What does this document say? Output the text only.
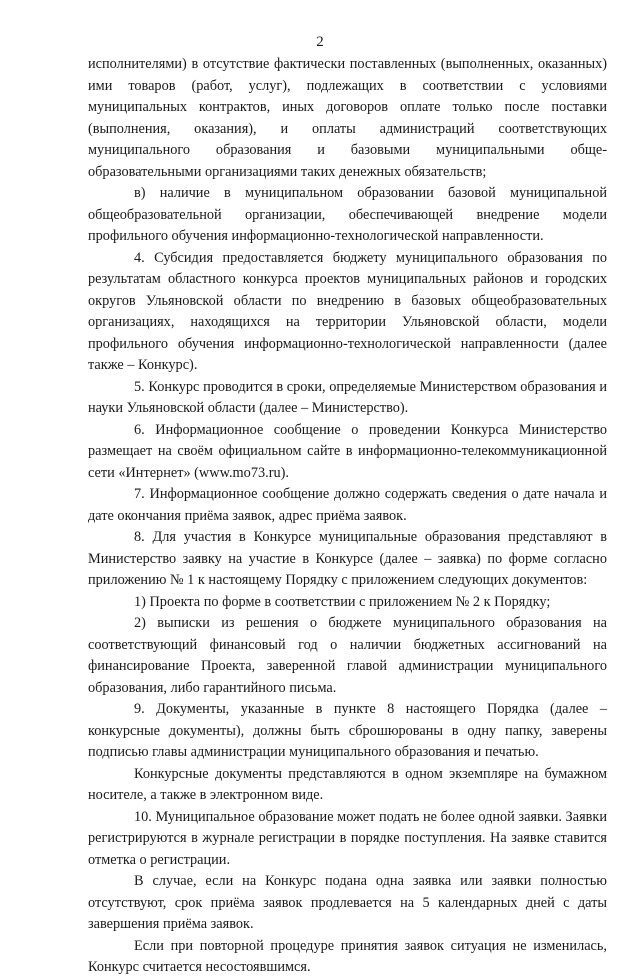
2

исполнителями) в отсутствие фактически поставленных (выполненных, оказанных) ими товаров (работ, услуг), подлежащих в соответствии с условиями муниципальных контрактов, иных договоров оплате только после поставки (выполнения, оказания), и оплаты администраций соответствующих муниципального образования и базовыми муниципальными обще-образовательными организациями таких денежных обязательств;

в) наличие в муниципальном образовании базовой муниципальной общеобразовательной организации, обеспечивающей внедрение модели профильного обучения информационно-технологической направленности.

4. Субсидия предоставляется бюджету муниципального образования по результатам областного конкурса проектов муниципальных районов и городских округов Ульяновской области по внедрению в базовых общеобразовательных организациях, находящихся на территории Ульяновской области, модели профильного обучения информационно-технологической направленности (далее также – Конкурс).

5. Конкурс проводится в сроки, определяемые Министерством образования и науки Ульяновской области (далее – Министерство).

6. Информационное сообщение о проведении Конкурса Министерство размещает на своём официальном сайте в информационно-телекоммуникационной сети «Интернет» (www.mo73.ru).

7. Информационное сообщение должно содержать сведения о дате начала и дате окончания приёма заявок, адрес приёма заявок.

8. Для участия в Конкурсе муниципальные образования представляют в Министерство заявку на участие в Конкурсе (далее – заявка) по форме согласно приложению № 1 к настоящему Порядку с приложением следующих документов:

1) Проекта по форме в соответствии с приложением № 2 к Порядку;

2) выписки из решения о бюджете муниципального образования на соответствующий финансовый год о наличии бюджетных ассигнований на финансирование Проекта, заверенной главой администрации муниципального образования, либо гарантийного письма.

9. Документы, указанные в пункте 8 настоящего Порядка (далее – конкурсные документы), должны быть сброшюрованы в одну папку, заверены подписью главы администрации муниципального образования и печатью.

Конкурсные документы представляются в одном экземпляре на бумажном носителе, а также в электронном виде.

10. Муниципальное образование может подать не более одной заявки. Заявки регистрируются в журнале регистрации в порядке поступления. На заявке ставится отметка о регистрации.

В случае, если на Конкурс подана одна заявка или заявки полностью отсутствуют, срок приёма заявок продлевается на 5 календарных дней с даты завершения приёма заявок.

Если при повторной процедуре принятия заявок ситуация не изменилась, Конкурс считается несостоявшимся.
